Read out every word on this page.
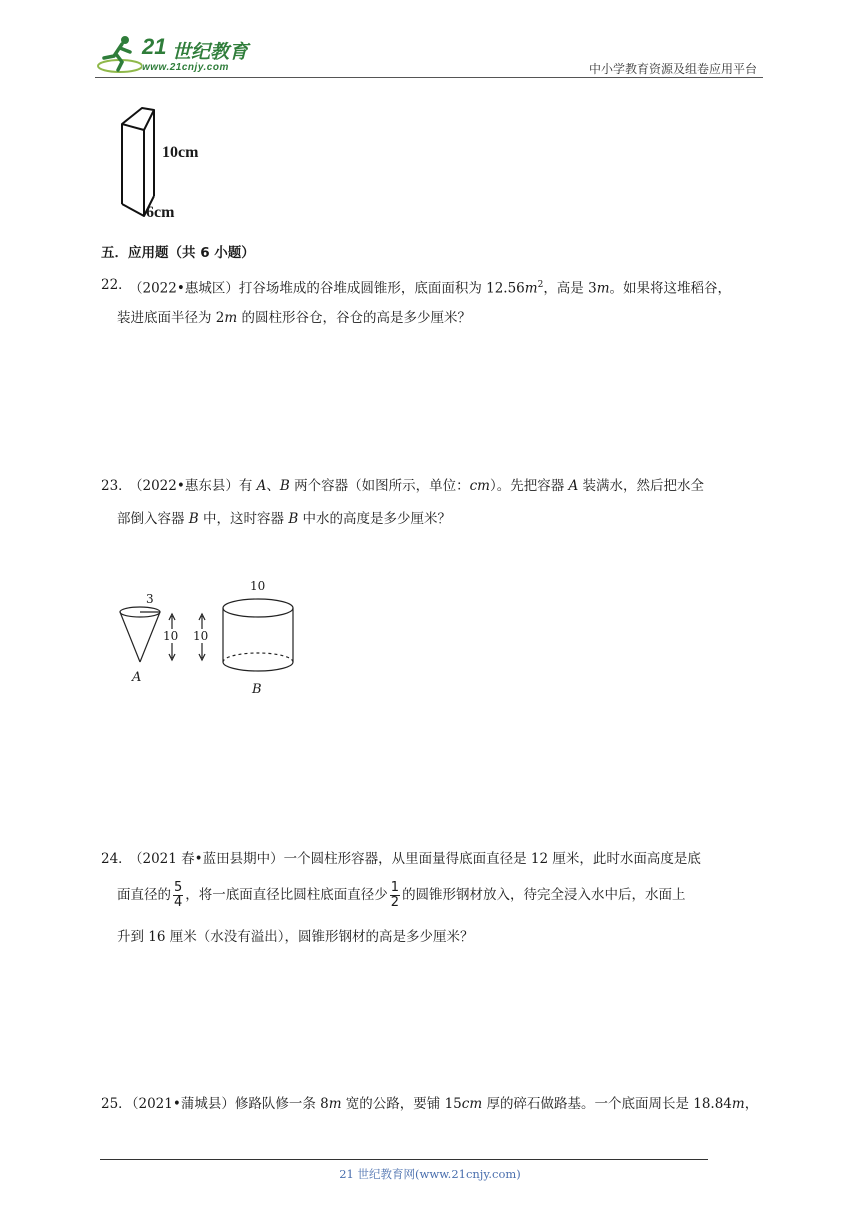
21 世纪教育
www.21cnjy.com	中小学教育资源及组卷应用平台
10cm
6cm
五．应用题（共 6 小题）
22．
（2022•惠城区）打谷场堆成的谷堆成圆锥形，底面面积为 $12.56m^2$，高是 3m。如果将这堆稻谷，
装进底面半径为 2m 的圆柱形谷仓，谷仓的高是多少厘米？
23．
（2022•惠东县）有 A、B 两个容器（如图所示，单位：cm）。先把容器 A 装满水，然后把水全
部倒入容器 B 中，这时容器 B 中水的高度是多少厘米？
3
10 10
10
A
B
24．
（2021 春•蓝田县期中）一个圆柱形容器，从里面量得底面直径是 12 厘米，此时水面高度是底
面直径的 $\frac{5}{4}$ ，将一底面直径比圆柱底面直径少 $\frac{1}{2}$ 的圆锥形钢材放入，待完全浸入水中后，水面上
升到 16 厘米（水没有溢出），圆锥形钢材的高是多少厘米？
25．
（2021•蒲城县）修路队修一条 8m 宽的公路，要铺 15cm 厚的碎石做路基。一个底面周长是 18.84m，
21 世纪教育网(www.21cnjy.com)
